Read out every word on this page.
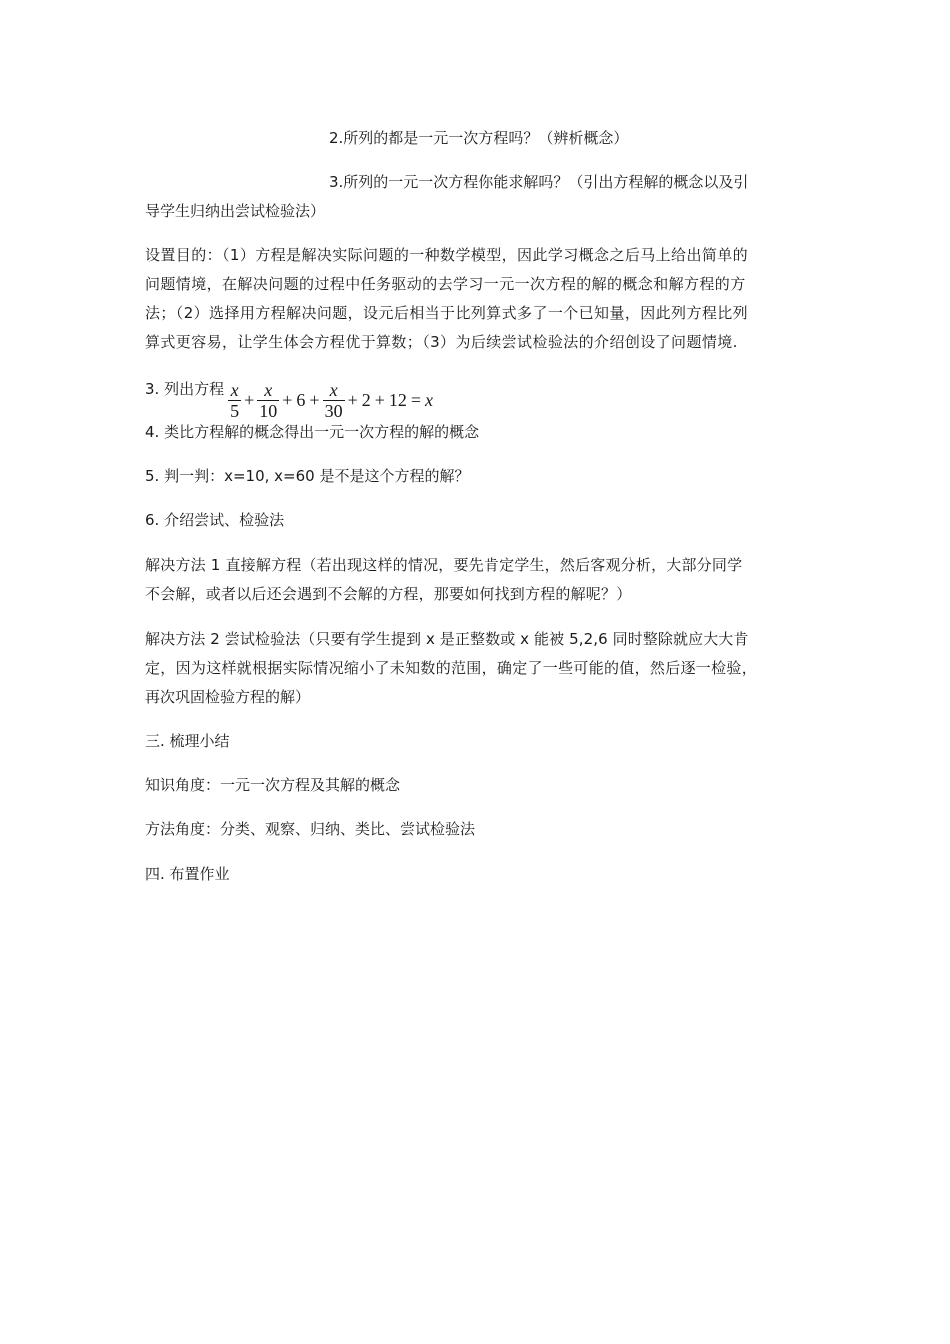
2.所列的都是一元一次方程吗？（辨析概念）
3.所列的一元一次方程你能求解吗？（引出方程解的概念以及引
导学生归纳出尝试检验法）
设置目的：（1）方程是解决实际问题的一种数学模型，因此学习概念之后马上给出简单的
问题情境，在解决问题的过程中任务驱动的去学习一元一次方程的解的概念和解方程的方
法；（2）选择用方程解决问题，设元后相当于比列算式多了一个已知量，因此列方程比列
算式更容易，让学生体会方程优于算数；（3）为后续尝试检验法的介绍创设了问题情境.
3. 列出方程 $\frac{x}{5} + \frac{x}{10} + 6 + \frac{x}{30} + 2 + 12 = x$
4. 类比方程解的概念得出一元一次方程的解的概念
5. 判一判：x=10, x=60 是不是这个方程的解？
6. 介绍尝试、检验法
解决方法 1 直接解方程（若出现这样的情况，要先肯定学生，然后客观分析，大部分同学
不会解，或者以后还会遇到不会解的方程，那要如何找到方程的解呢？）
解决方法 2 尝试检验法（只要有学生提到 x 是正整数或 x 能被 5,2,6 同时整除就应大大肯
定，因为这样就根据实际情况缩小了未知数的范围，确定了一些可能的值，然后逐一检验，
再次巩固检验方程的解）
三. 梳理小结
知识角度：一元一次方程及其解的概念
方法角度：分类、观察、归纳、类比、尝试检验法
四. 布置作业
